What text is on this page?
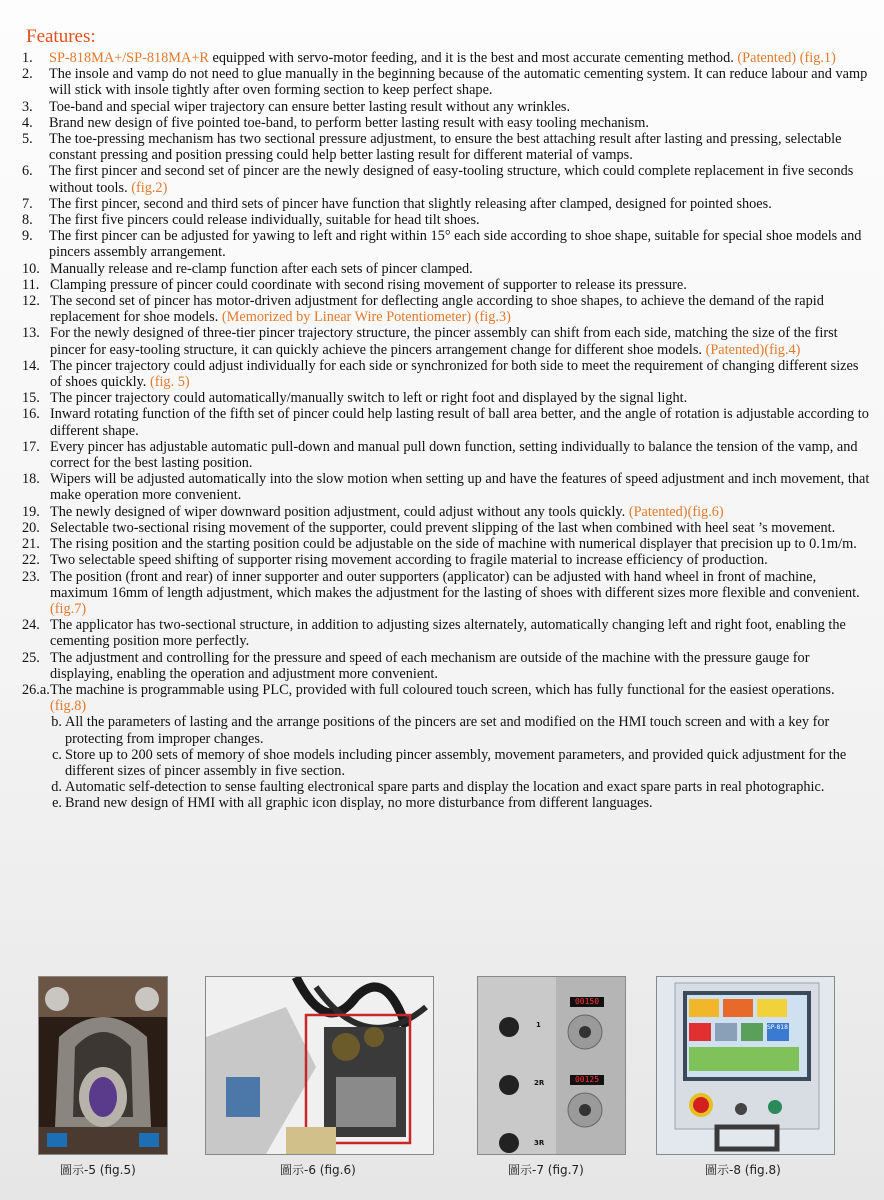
Features:
1.	SP-818MA+/SP-818MA+R equipped with servo-motor feeding, and it is the best and most accurate cementing method. (Patented) (fig.1)
2.	The insole and vamp do not need to glue manually in the beginning because of the automatic cementing system. It can reduce labour and vamp will stick with insole tightly after oven forming section to keep perfect shape.
3.	Toe-band and special wiper trajectory can ensure better lasting result without any wrinkles.
4.	Brand new design of five pointed toe-band, to perform better lasting result with easy tooling mechanism.
5.	The toe-pressing mechanism has two sectional pressure adjustment, to ensure the best attaching result after lasting and pressing, selectable constant pressing and position pressing could help better lasting result for different material of vamps.
6.	The first pincer and second set of pincer are the newly designed of easy-tooling structure, which could complete replacement in five seconds without tools. (fig.2)
7.	The first pincer, second and third sets of pincer have function that slightly releasing after clamped, designed for pointed shoes.
8.	The first five pincers could release individually, suitable for head tilt shoes.
9.	The first pincer can be adjusted for yawing to left and right within 15° each side according to shoe shape, suitable for special shoe models and pincers assembly arrangement.
10. Manually release and re-clamp function after each sets of pincer clamped.
11. Clamping pressure of pincer could coordinate with second rising movement of supporter to release its pressure.
12. The second set of pincer has motor-driven adjustment for deflecting angle according to shoe shapes, to achieve the demand of the rapid replacement for shoe models. (Memorized by Linear Wire Potentiometer) (fig.3)
13. For the newly designed of three-tier pincer trajectory structure, the pincer assembly can shift from each side, matching the size of the first pincer for easy-tooling structure, it can quickly achieve the pincers arrangement change for different shoe models. (Patented)(fig.4)
14. The pincer trajectory could adjust individually for each side or synchronized for both side to meet the requirement of changing different sizes of shoes quickly. (fig. 5)
15. The pincer trajectory could automatically/manually switch to left or right foot and displayed by the signal light.
16. Inward rotating function of the fifth set of pincer could help lasting result of ball area better, and the angle of rotation is adjustable according to different shape.
17. Every pincer has adjustable automatic pull-down and manual pull down function, setting individually to balance the tension of the vamp, and correct for the best lasting position.
18. Wipers will be adjusted automatically into the slow motion when setting up and have the features of speed adjustment and inch movement, that make operation more convenient.
19. The newly designed of wiper downward position adjustment, could adjust without any tools quickly. (Patented)(fig.6)
20. Selectable two-sectional rising movement of the supporter, could prevent slipping of the last when combined with heel seat ’s movement.
21. The rising position and the starting position could be adjustable on the side of machine with numerical displayer that precision up to 0.1m/m.
22. Two selectable speed shifting of supporter rising movement according to fragile material to increase efficiency of production.
23. The position (front and rear) of inner supporter and outer supporters (applicator) can be adjusted with hand wheel in front of machine, maximum 16mm of length adjustment, which makes the adjustment for the lasting of shoes with different sizes more flexible and convenient. (fig.7)
24. The applicator has two-sectional structure, in addition to adjusting sizes alternately, automatically changing left and right foot, enabling the cementing position more perfectly.
25. The adjustment and controlling for the pressure and speed of each mechanism are outside of the machine with the pressure gauge for displaying, enabling the operation and adjustment more convenient.
26.a. The machine is programmable using PLC, provided with full coloured touch screen, which has fully functional for the easiest operations. (fig.8)
b. All the parameters of lasting and the arrange positions of the pincers are set and modified on the HMI touch screen and with a key for protecting from improper changes.
c. Store up to 200 sets of memory of shoe models including pincer assembly, movement parameters, and provided quick adjustment for the different sizes of pincer assembly in five section.
d. Automatic self-detection to sense faulting electronical spare parts and display the location and exact spare parts in real photographic.
e. Brand new design of HMI with all graphic icon display, no more disturbance from different languages.
圖示-5 (fig.5)	圖示-6 (fig.6)
00150
00125
1
2R
3R
圖示-7 (fig.7)
SP-818
圖示-8 (fig.8)
